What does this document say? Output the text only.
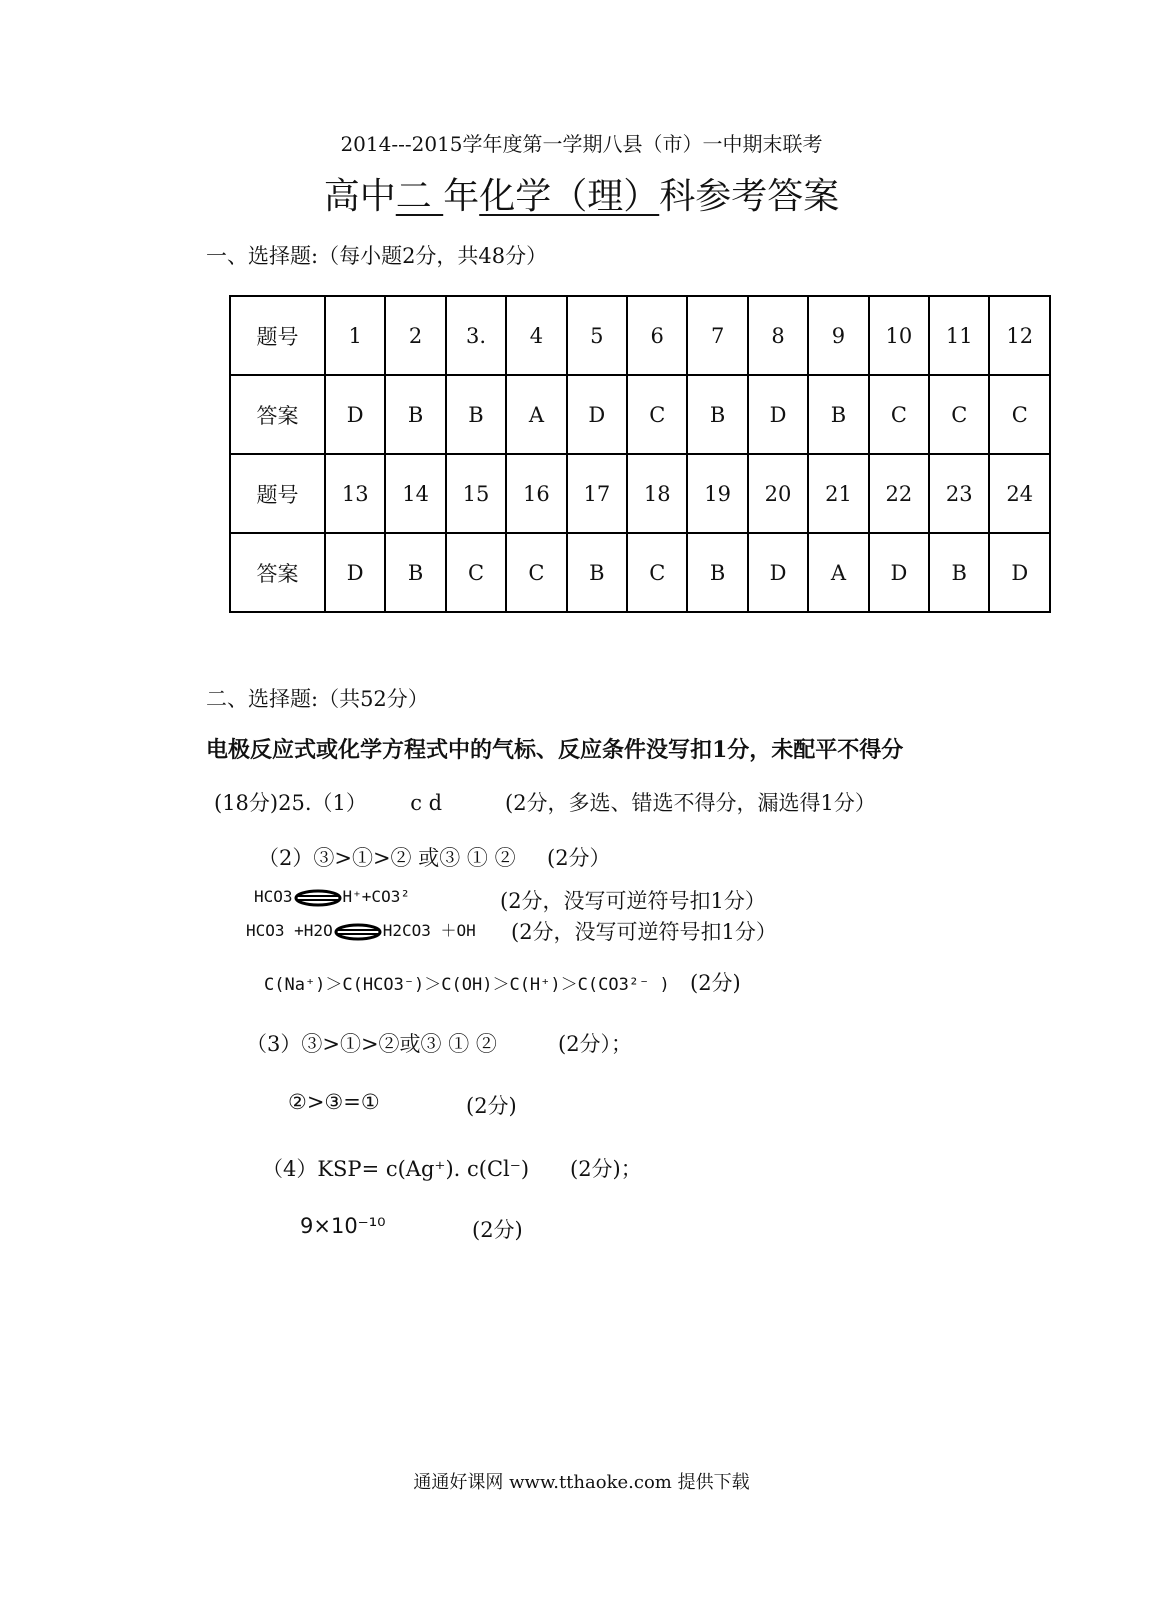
2014---2015学年度第一学期八县（市）一中期末联考
高中二 年化学（理）科参考答案
一、选择题:（每小题2分，共48分）
题号	1	2	3.	4	5	6	7	8	9	10	11	12
答案	D	B	B	A	D	C	B	D	B	C	C	C
题号	13	14	15	16	17	18	19	20	21	22	23	24
答案	D	B	C	C	B	C	B	D	A	D	B	D
二、选择题:（共52分）
电极反应式或化学方程式中的气标、反应条件没写扣1分，未配平不得分
(18分)25.（1） c d	(2分，多选、错选不得分，漏选得1分）
（2）③>①>② 或③ ① ② (2分）
HCO3⇌H⁺+CO3²	(2分，没写可逆符号扣1分）
HCO3 +H2O⇌H2CO3 ＋OH (2分，没写可逆符号扣1分）
C(Na⁺)＞C(HCO3⁻)＞C(OH)＞C(H⁺)＞C(CO3²⁻ ) (2分)
（3）③>①>②或③ ① ②	(2分）；
②>③=①	(2分)
（4）KSP= c(Ag⁺). c(Cl⁻) (2分)；
9×10⁻¹⁰	(2分)
通通好课网 www.tthaoke.com 提供下载
